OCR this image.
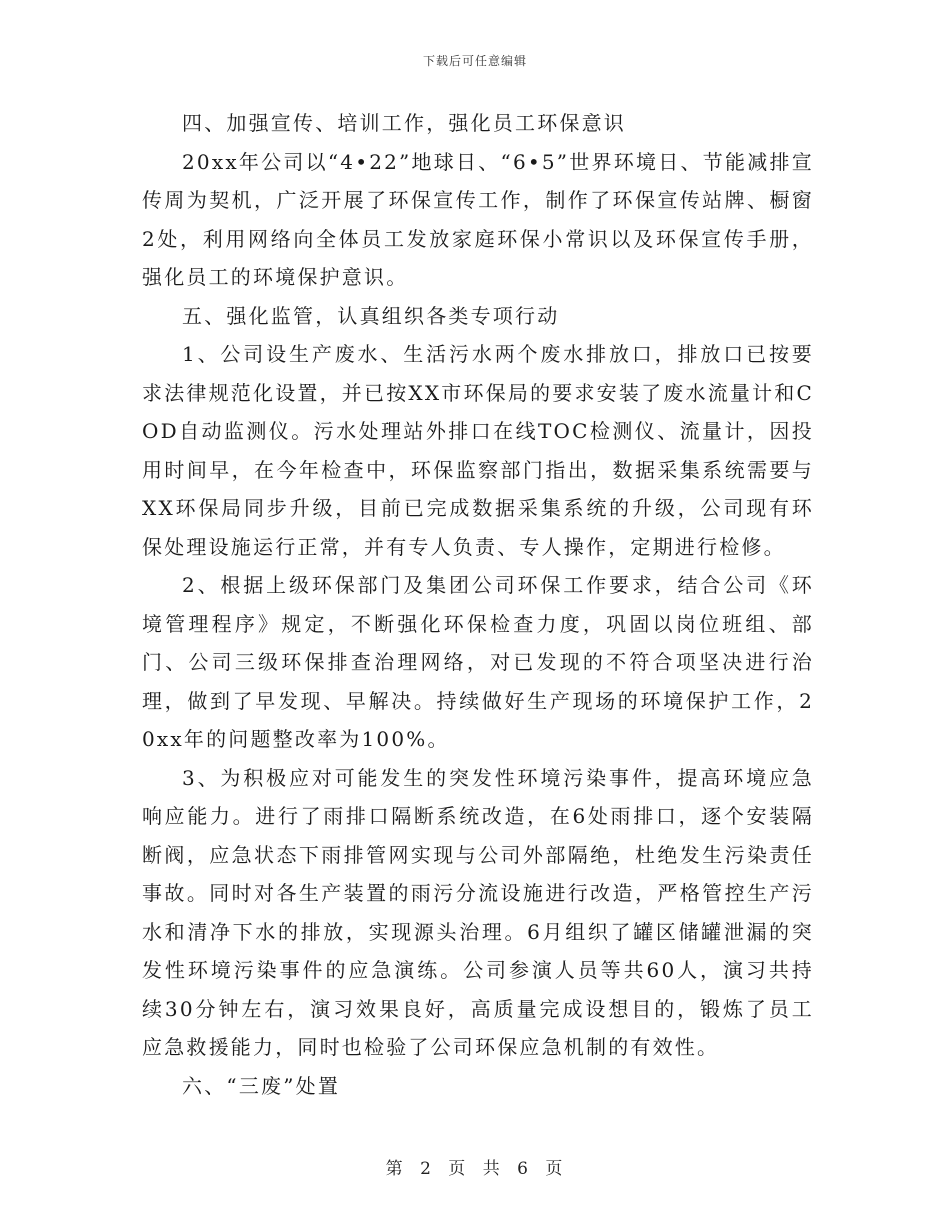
下载后可任意编辑

四、加强宣传、培训工作，强化员工环保意识

20xx年公司以“4•22”地球日、“6•5”世界环境日、节能减排宣传周为契机，广泛开展了环保宣传工作，制作了环保宣传站牌、橱窗2处，利用网络向全体员工发放家庭环保小常识以及环保宣传手册，强化员工的环境保护意识。

五、强化监管，认真组织各类专项行动

1、公司设生产废水、生活污水两个废水排放口，排放口已按要求法律规范化设置，并已按XX市环保局的要求安装了废水流量计和COD自动监测仪。污水处理站外排口在线TOC检测仪、流量计，因投用时间早，在今年检查中，环保监察部门指出，数据采集系统需要与XX环保局同步升级，目前已完成数据采集系统的升级，公司现有环保处理设施运行正常，并有专人负责、专人操作，定期进行检修。

2、根据上级环保部门及集团公司环保工作要求，结合公司《环境管理程序》规定，不断强化环保检查力度，巩固以岗位班组、部门、公司三级环保排查治理网络，对已发现的不符合项坚决进行治理，做到了早发现、早解决。持续做好生产现场的环境保护工作，20xx年的问题整改率为100%。

3、为积极应对可能发生的突发性环境污染事件，提高环境应急响应能力。进行了雨排口隔断系统改造，在6处雨排口，逐个安装隔断阀，应急状态下雨排管网实现与公司外部隔绝，杜绝发生污染责任事故。同时对各生产装置的雨污分流设施进行改造，严格管控生产污水和清净下水的排放，实现源头治理。6月组织了罐区储罐泄漏的突发性环境污染事件的应急演练。公司参演人员等共60人，演习共持续30分钟左右，演习效果良好，高质量完成设想目的，锻炼了员工应急救援能力，同时也检验了公司环保应急机制的有效性。

六、“三废”处置

第 2 页 共 6 页
